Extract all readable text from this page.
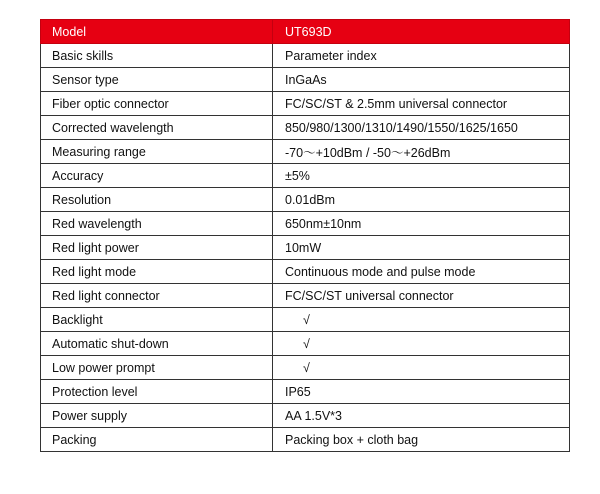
Model	UT693D
Basic skills	Parameter index
Sensor type	InGaAs
Fiber optic connector	FC/SC/ST & 2.5mm universal connector
Corrected wavelength	850/980/1300/1310/1490/1550/1625/1650
Measuring range	-70～+10dBm / -50～+26dBm
Accuracy	±5%
Resolution	0.01dBm
Red wavelength	650nm±10nm
Red light power	10mW
Red light mode	Continuous mode and pulse mode
Red light connector	FC/SC/ST universal connector
Backlight	√
Automatic shut-down	√
Low power prompt	√
Protection level	IP65
Power supply	AA 1.5V*3
Packing	Packing box + cloth bag
